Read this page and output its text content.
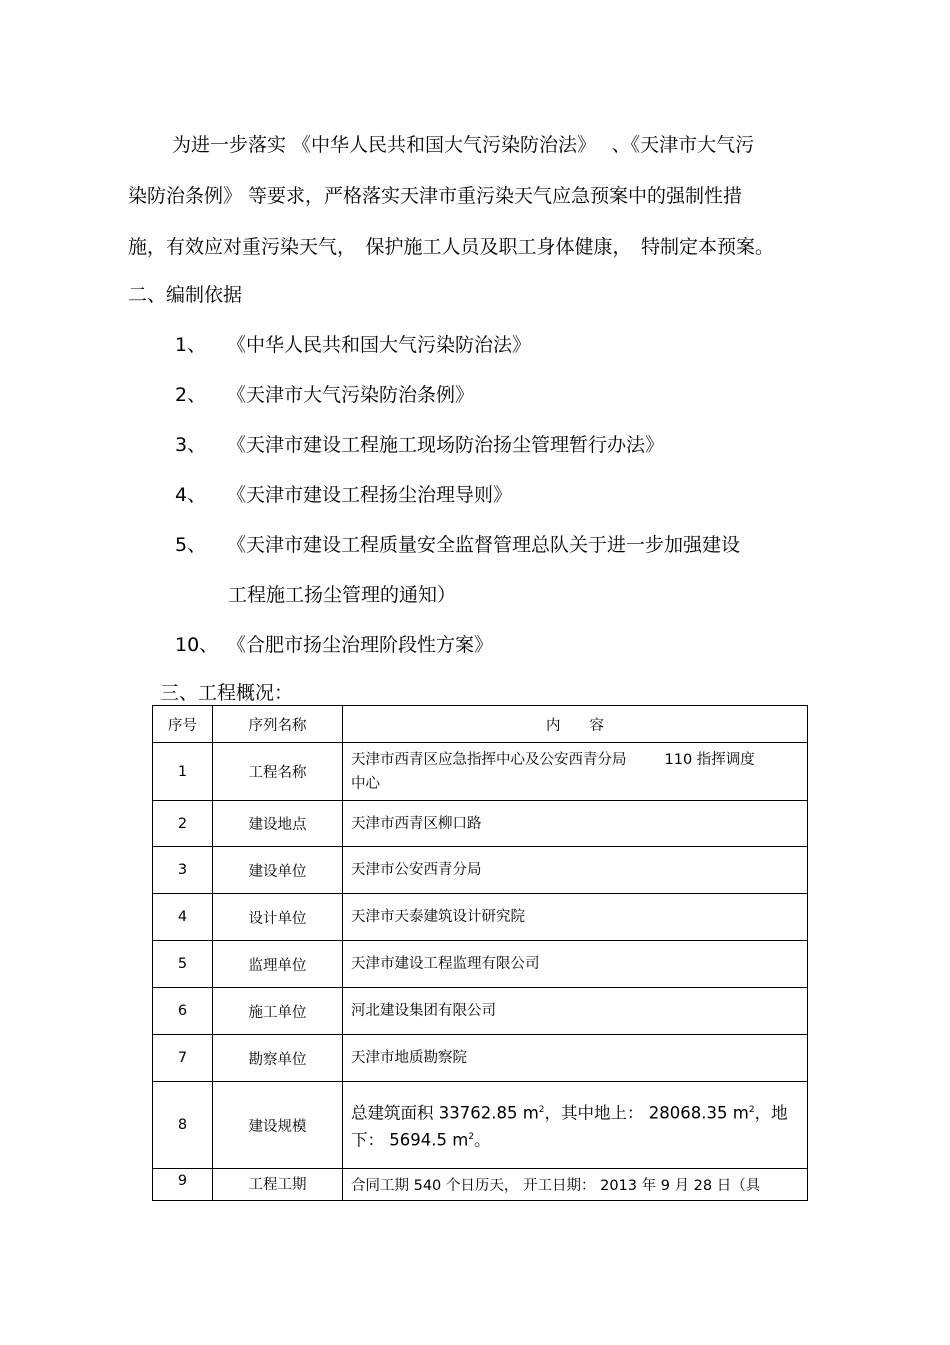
为进一步落实 《中华人民共和国大气污染防治法》　 、《天津市大气污
染防治条例》 等要求，严格落实天津市重污染天气应急预案中的强制性措
施，有效应对重污染天气，　保护施工人员及职工身体健康，　特制定本预案。
二、编制依据
1、 《中华人民共和国大气污染防治法》
2、 《天津市大气污染防治条例》
3、 《天津市建设工程施工现场防治扬尘管理暂行办法》
4、 《天津市建设工程扬尘治理导则》
5、 《天津市建设工程质量安全监督管理总队关于进一步加强建设
工程施工扬尘管理的通知）
10、 《合肥市扬尘治理阶段性方案》
三、工程概况：
序号	序列名称	内　　容
1	工程名称	天津市西青区应急指挥中心及公安西青分局 110 指挥调度
中心
2	建设地点	天津市西青区柳口路
3	建设单位	天津市公安西青分局
4	设计单位	天津市天泰建筑设计研究院
5	监理单位	天津市建设工程监理有限公司
6	施工单位	河北建设集团有限公司
7	勘察单位	天津市地质勘察院
8	建设规模	总建筑面积 33762.85 $m^2$，其中地上： 28068.35 $m^2$，地
下： 5694.5 $m^2$。
9	工程工期	合同工期 540 个日历天， 开工日期： 2013 年 9 月 28 日（具
